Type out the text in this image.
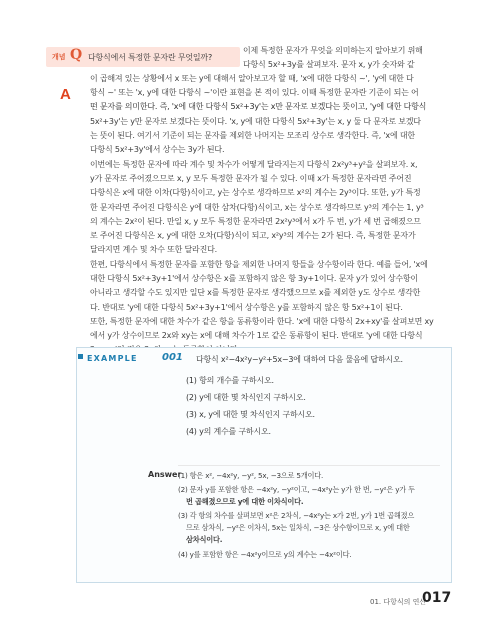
개념 Q 다항식에서 특정한 문자란 무엇일까?
이제 특정한 문자가 무엇을 의미하는지 알아보기 위해
다항식 5x²+3y를 살펴보자. 문자 x, y가 숫자와 같
A
이 곱해져 있는 상황에서 x 또는 y에 대해서 알아보고자 할 때, 'x에 대한 다항식 ~', 'y에 대한 다
항식 ~' 또는 'x, y에 대한 다항식 ~'이란 표현을 본 적이 있다. 이때 특정한 문자란 기준이 되는 어
떤 문자를 의미한다. 즉, 'x에 대한 다항식 5x²+3y'는 x만 문자로 보겠다는 뜻이고, 'y에 대한 다항식
5x²+3y'는 y만 문자로 보겠다는 뜻이다. 'x, y에 대한 다항식 5x²+3y'는 x, y 둘 다 문자로 보겠다
는 뜻이 된다. 여기서 기준이 되는 문자를 제외한 나머지는 모조리 상수로 생각한다. 즉, 'x에 대한
다항식 5x²+3y'에서 상수는 3y가 된다.
이번에는 특정한 문자에 따라 계수 및 차수가 어떻게 달라지는지 다항식 2x²y³+y²을 살펴보자. x,
y가 문자로 주어졌으므로 x, y 모두 특정한 문자가 될 수 있다. 이때 x가 특정한 문자라면 주어진
다항식은 x에 대한 이차(다항)식이고, y는 상수로 생각하므로 x²의 계수는 2y³이다. 또한, y가 특정
한 문자라면 주어진 다항식은 y에 대한 삼차(다항)식이고, x는 상수로 생각하므로 y³의 계수는 1, y³
의 계수는 2x²이 된다. 만일 x, y 모두 특정한 문자라면 2x²y³에서 x가 두 번, y가 세 번 곱해졌으므
로 주어진 다항식은 x, y에 대한 오차(다항)식이 되고, x²y³의 계수는 2가 된다. 즉, 특정한 문자가
달라지면 계수 및 차수 또한 달라진다.
한편, 다항식에서 특정한 문자를 포함한 항을 제외한 나머지 항들을 상수항이라 한다. 예를 들어, 'x에
대한 다항식 5x²+3y+1'에서 상수항은 x를 포함하지 않은 항 3y+1이다. 문자 y가 있어 상수항이
아니라고 생각할 수도 있지만 일단 x를 특정한 문자로 생각했으므로 x를 제외한 y도 상수로 생각한
다. 반대로 'y에 대한 다항식 5x²+3y+1'에서 상수항은 y를 포함하지 않은 항 5x²+1이 된다.
또한, 특정한 문자에 대한 차수가 같은 항을 동류항이라 한다. 'x에 대한 다항식 2x+xy'를 살펴보면 xy
에서 y가 상수이므로 2x와 xy는 x에 대해 차수가 1로 같은 동류항이 된다. 반대로 'y에 대한 다항식
EXAMPLE 001 다항식 x²−4x²y−y²+5x−3에 대하여 다음 물음에 답하시오.
(1) 항의 개수를 구하시오.
(2) y에 대한 몇 차식인지 구하시오.
(3) x, y에 대한 몇 차식인지 구하시오.
(4) y의 계수를 구하시오.
Answer
(1) 항은 x², −4x²y, −y², 5x, −3으로 5개이다.
(2) 문자 y를 포함한 항은 −4x²y, −y²이고, −4x²y는 y가 한 번, −y²은 y가 두
번 곱해졌으므로 y에 대한 이차식이다.
(3) 각 항의 차수를 살펴보면 x²은 2차식, −4x²y는 x가 2번, y가 1번 곱해졌으
므로 삼차식, −y²은 이차식, 5x는 일차식, −3은 상수항이므로 x, y에 대한
삼차식이다.
(4) y를 포함한 항은 −4x²y이므로 y의 계수는 −4x²이다.
01. 다항식의 연산
017
